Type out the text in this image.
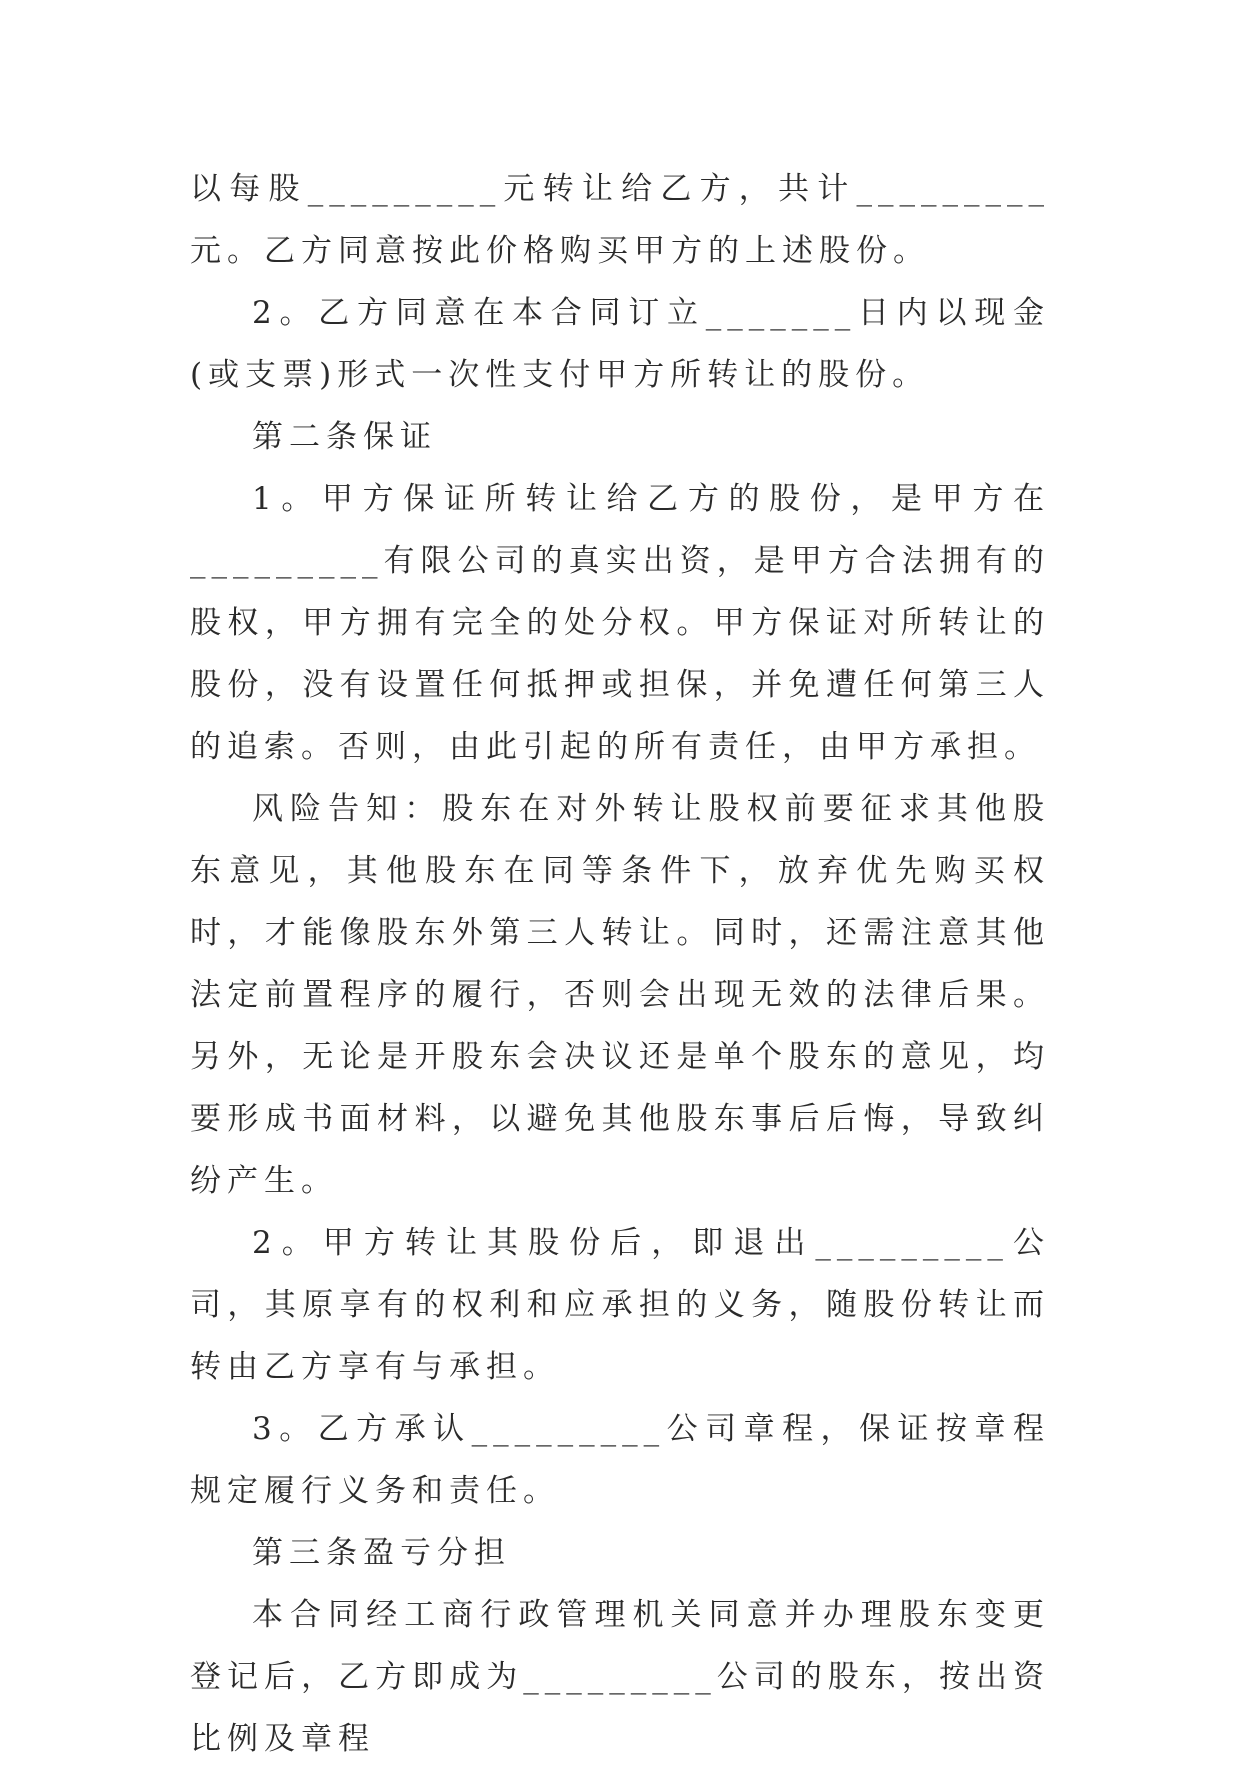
以每股_________元转让给乙方，共计_________元。乙方同意按此价格购买甲方的上述股份。

2。乙方同意在本合同订立_______日内以现金(或支票)形式一次性支付甲方所转让的股份。

第二条保证

1。甲方保证所转让给乙方的股份，是甲方在_________有限公司的真实出资，是甲方合法拥有的股权，甲方拥有完全的处分权。甲方保证对所转让的股份，没有设置任何抵押或担保，并免遭任何第三人的追索。否则，由此引起的所有责任，由甲方承担。

风险告知：股东在对外转让股权前要征求其他股东意见，其他股东在同等条件下，放弃优先购买权时，才能像股东外第三人转让。同时，还需注意其他法定前置程序的履行，否则会出现无效的法律后果。另外，无论是开股东会决议还是单个股东的意见，均要形成书面材料，以避免其他股东事后后悔，导致纠纷产生。

2。甲方转让其股份后，即退出_________公司，其原享有的权利和应承担的义务，随股份转让而转由乙方享有与承担。

3。乙方承认_________公司章程，保证按章程规定履行义务和责任。

第三条盈亏分担

本合同经工商行政管理机关同意并办理股东变更登记后，乙方即成为_________公司的股东，按出资比例及章程
